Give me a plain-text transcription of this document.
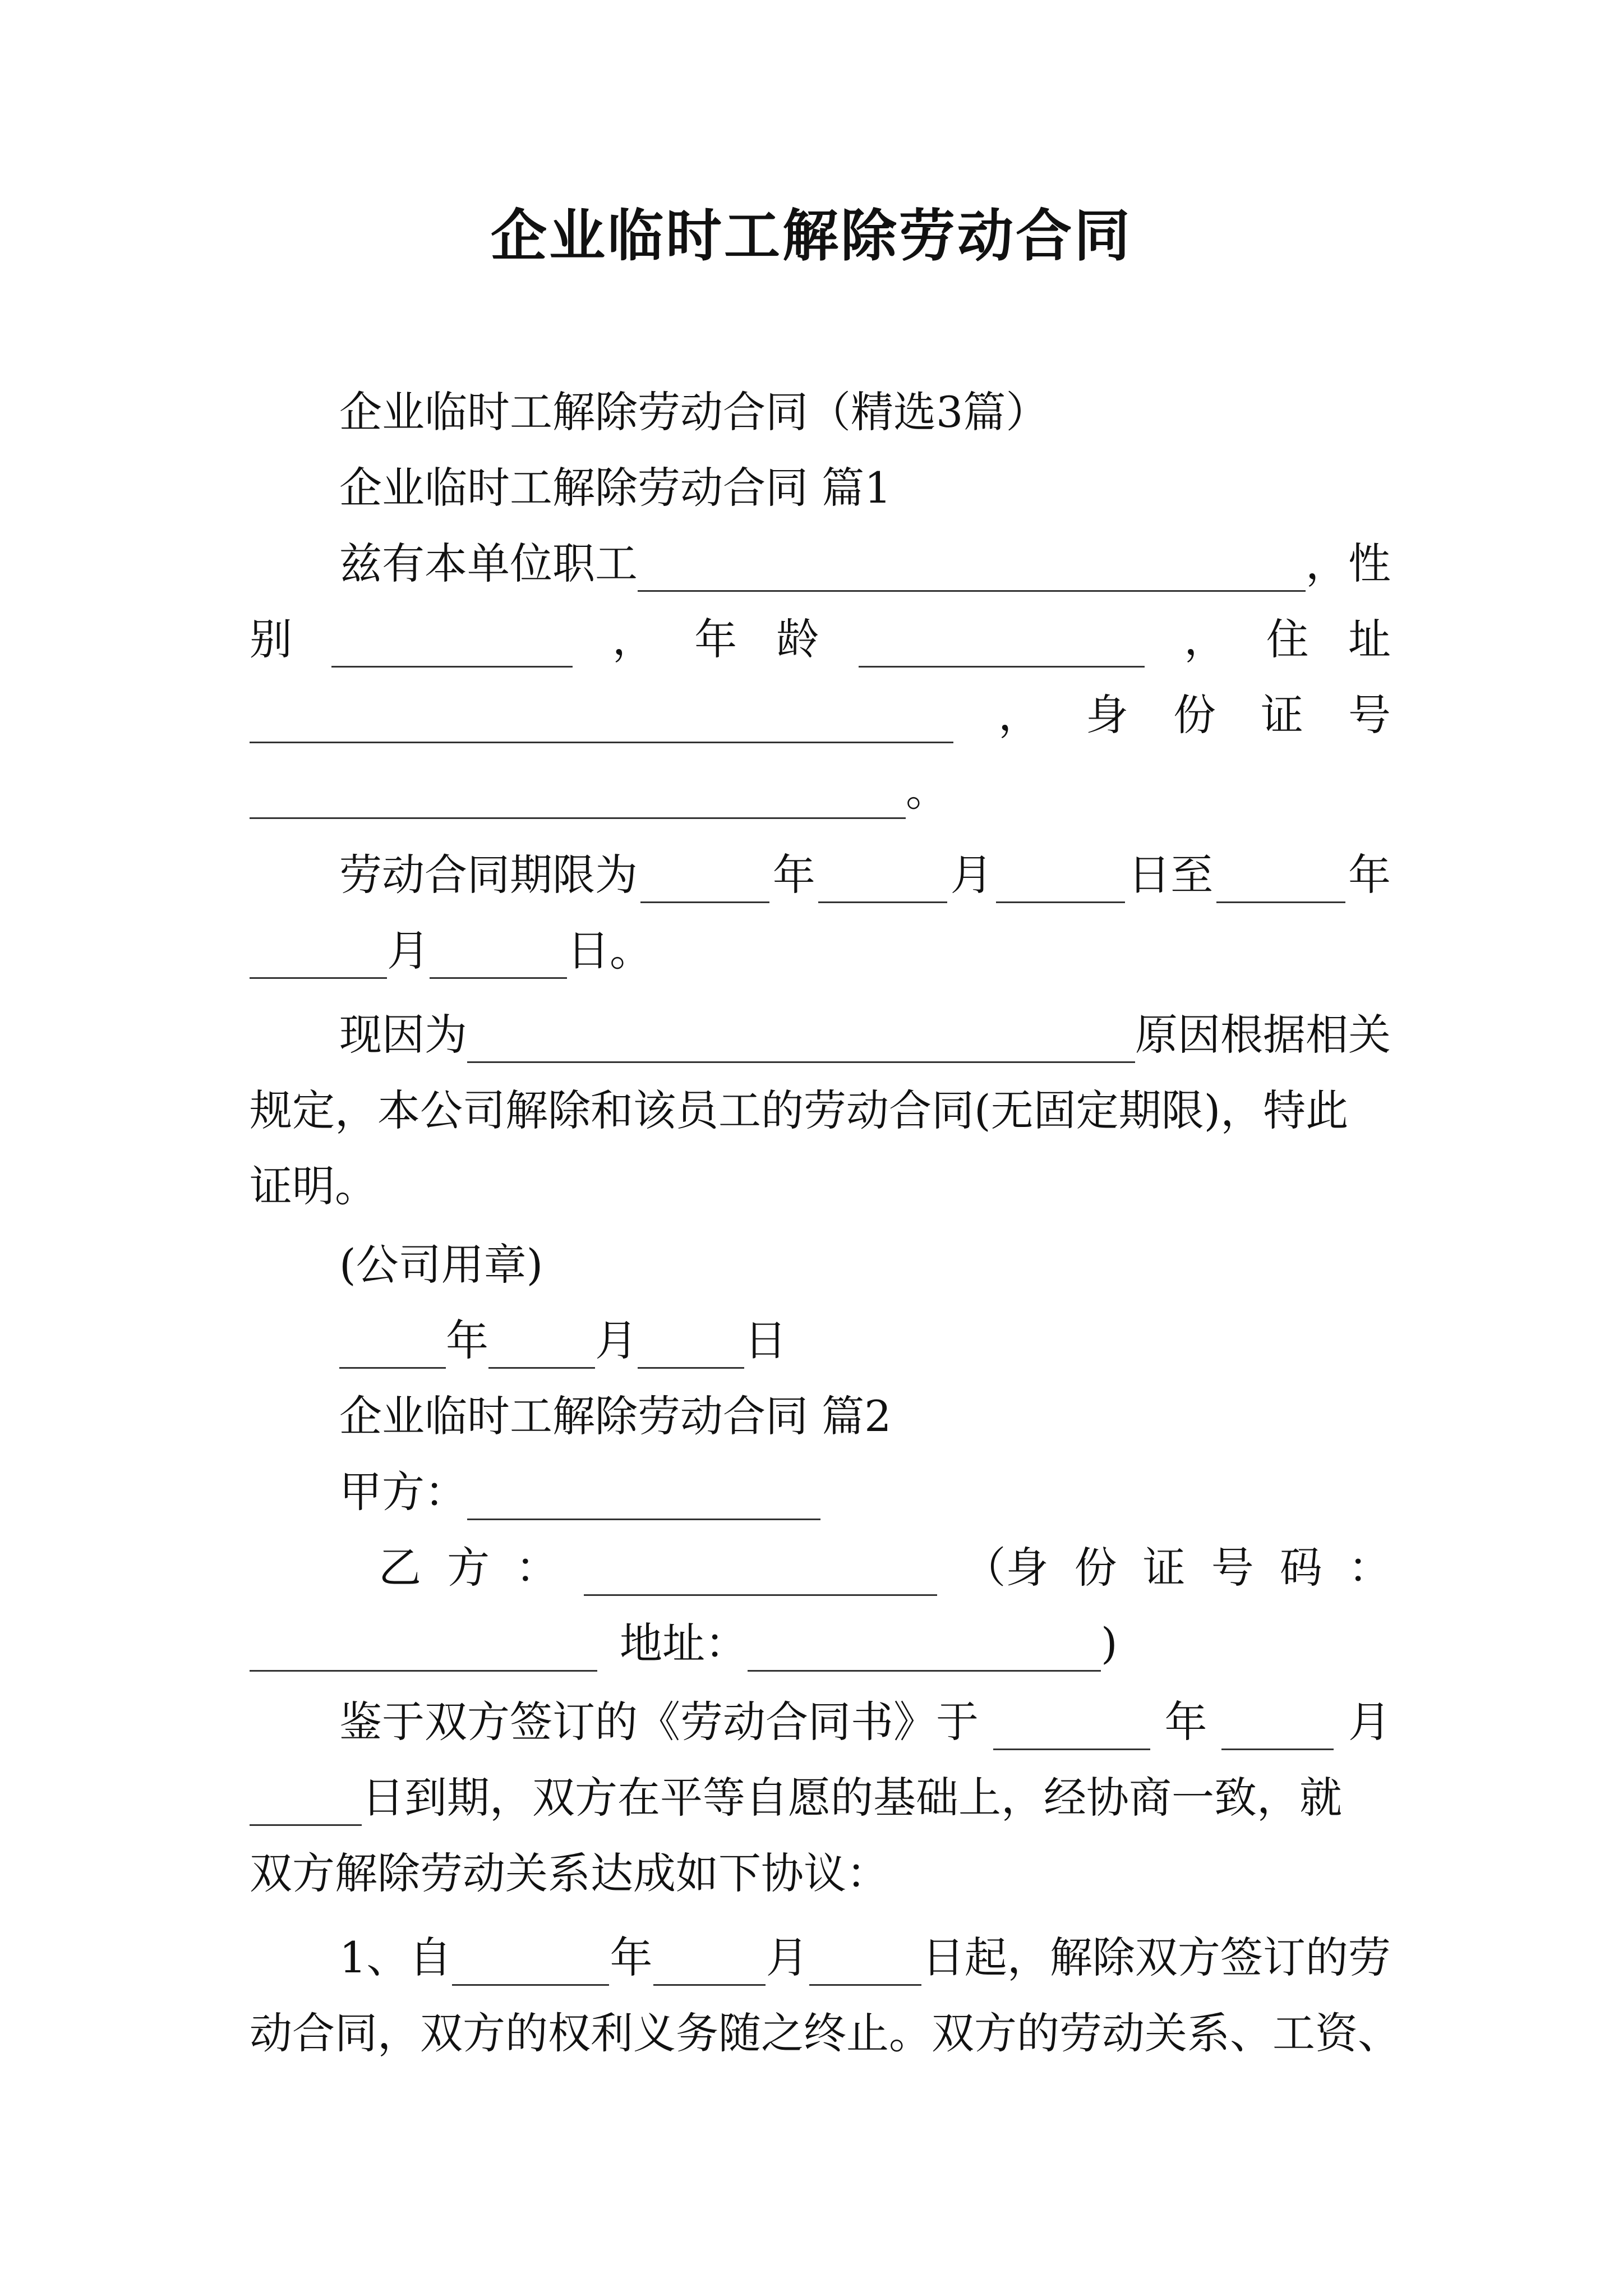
企业临时工解除劳动合同
企业临时工解除劳动合同（精选3篇）
企业临时工解除劳动合同 篇1
兹有本单位职工	，性
别	， 年 龄	， 住 址
， 身 份 证 号
。
劳动合同期限为	年	月	日至	年
月	日。
现因为	原因根据相关
规定，本公司解除和该员工的劳动合同(无固定期限)，特此
证明。
(公司用章)
年	月	日
企业临时工解除劳动合同 篇2
甲方：
乙 方 ：	（身 份 证 号 码 ：
地址：	)
鉴于双方签订的《劳动合同书》于	年	月
日到期，双方在平等自愿的基础上，经协商一致，就
双方解除劳动关系达成如下协议：
1、自	年	月	日起，解除双方签订的劳
动合同，双方的权利义务随之终止。双方的劳动关系、工资、
